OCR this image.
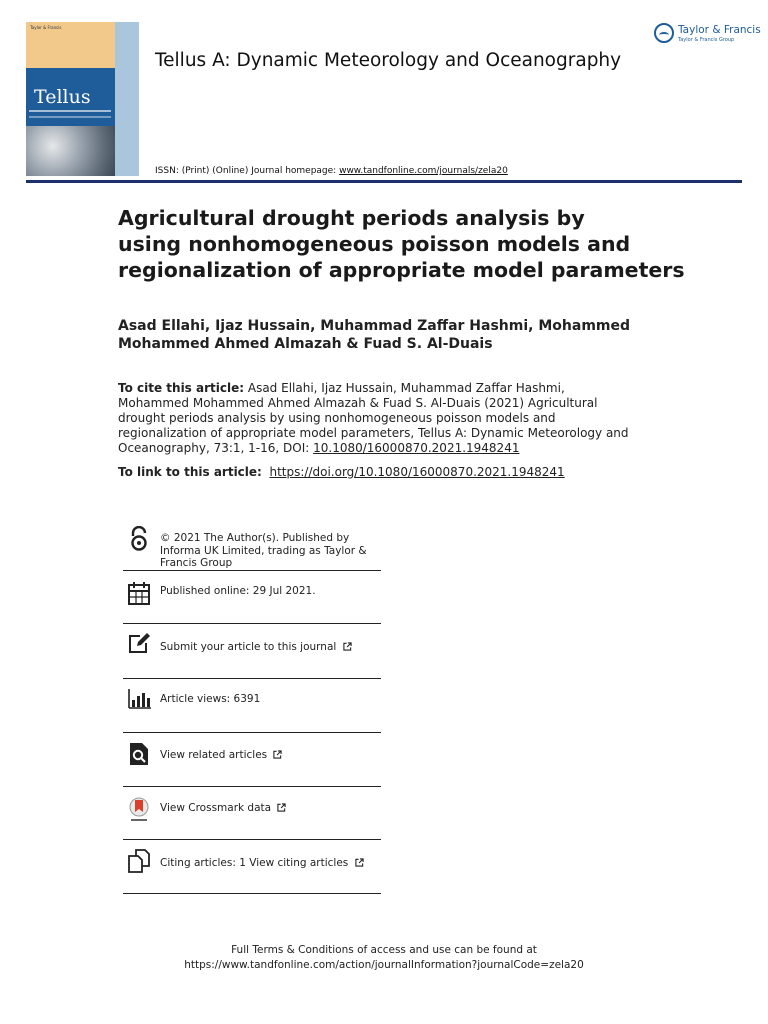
Taylor & Francis
Tellus
Taylor & Francis
Taylor & Francis Group
Tellus A: Dynamic Meteorology and Oceanography
ISSN: (Print) (Online) Journal homepage: www.tandfonline.com/journals/zela20
Agricultural drought periods analysis by
using nonhomogeneous poisson models and
regionalization of appropriate model parameters
Asad Ellahi, Ijaz Hussain, Muhammad Zaffar Hashmi, Mohammed
Mohammed Ahmed Almazah & Fuad S. Al-Duais
To cite this article: Asad Ellahi, Ijaz Hussain, Muhammad Zaffar Hashmi, Mohammed Mohammed Ahmed Almazah & Fuad S. Al-Duais (2021) Agricultural drought periods analysis by using nonhomogeneous poisson models and regionalization of appropriate model parameters, Tellus A: Dynamic Meteorology and Oceanography, 73:1, 1-16, DOI: 10.1080/16000870.2021.1948241
To link to this article: https://doi.org/10.1080/16000870.2021.1948241
© 2021 The Author(s). Published by Informa UK Limited, trading as Taylor & Francis Group
Published online: 29 Jul 2021.
Submit your article to this journal
Article views: 6391
View related articles
View Crossmark data
Citing articles: 1 View citing articles
Full Terms & Conditions of access and use can be found at
https://www.tandfonline.com/action/journalInformation?journalCode=zela20
